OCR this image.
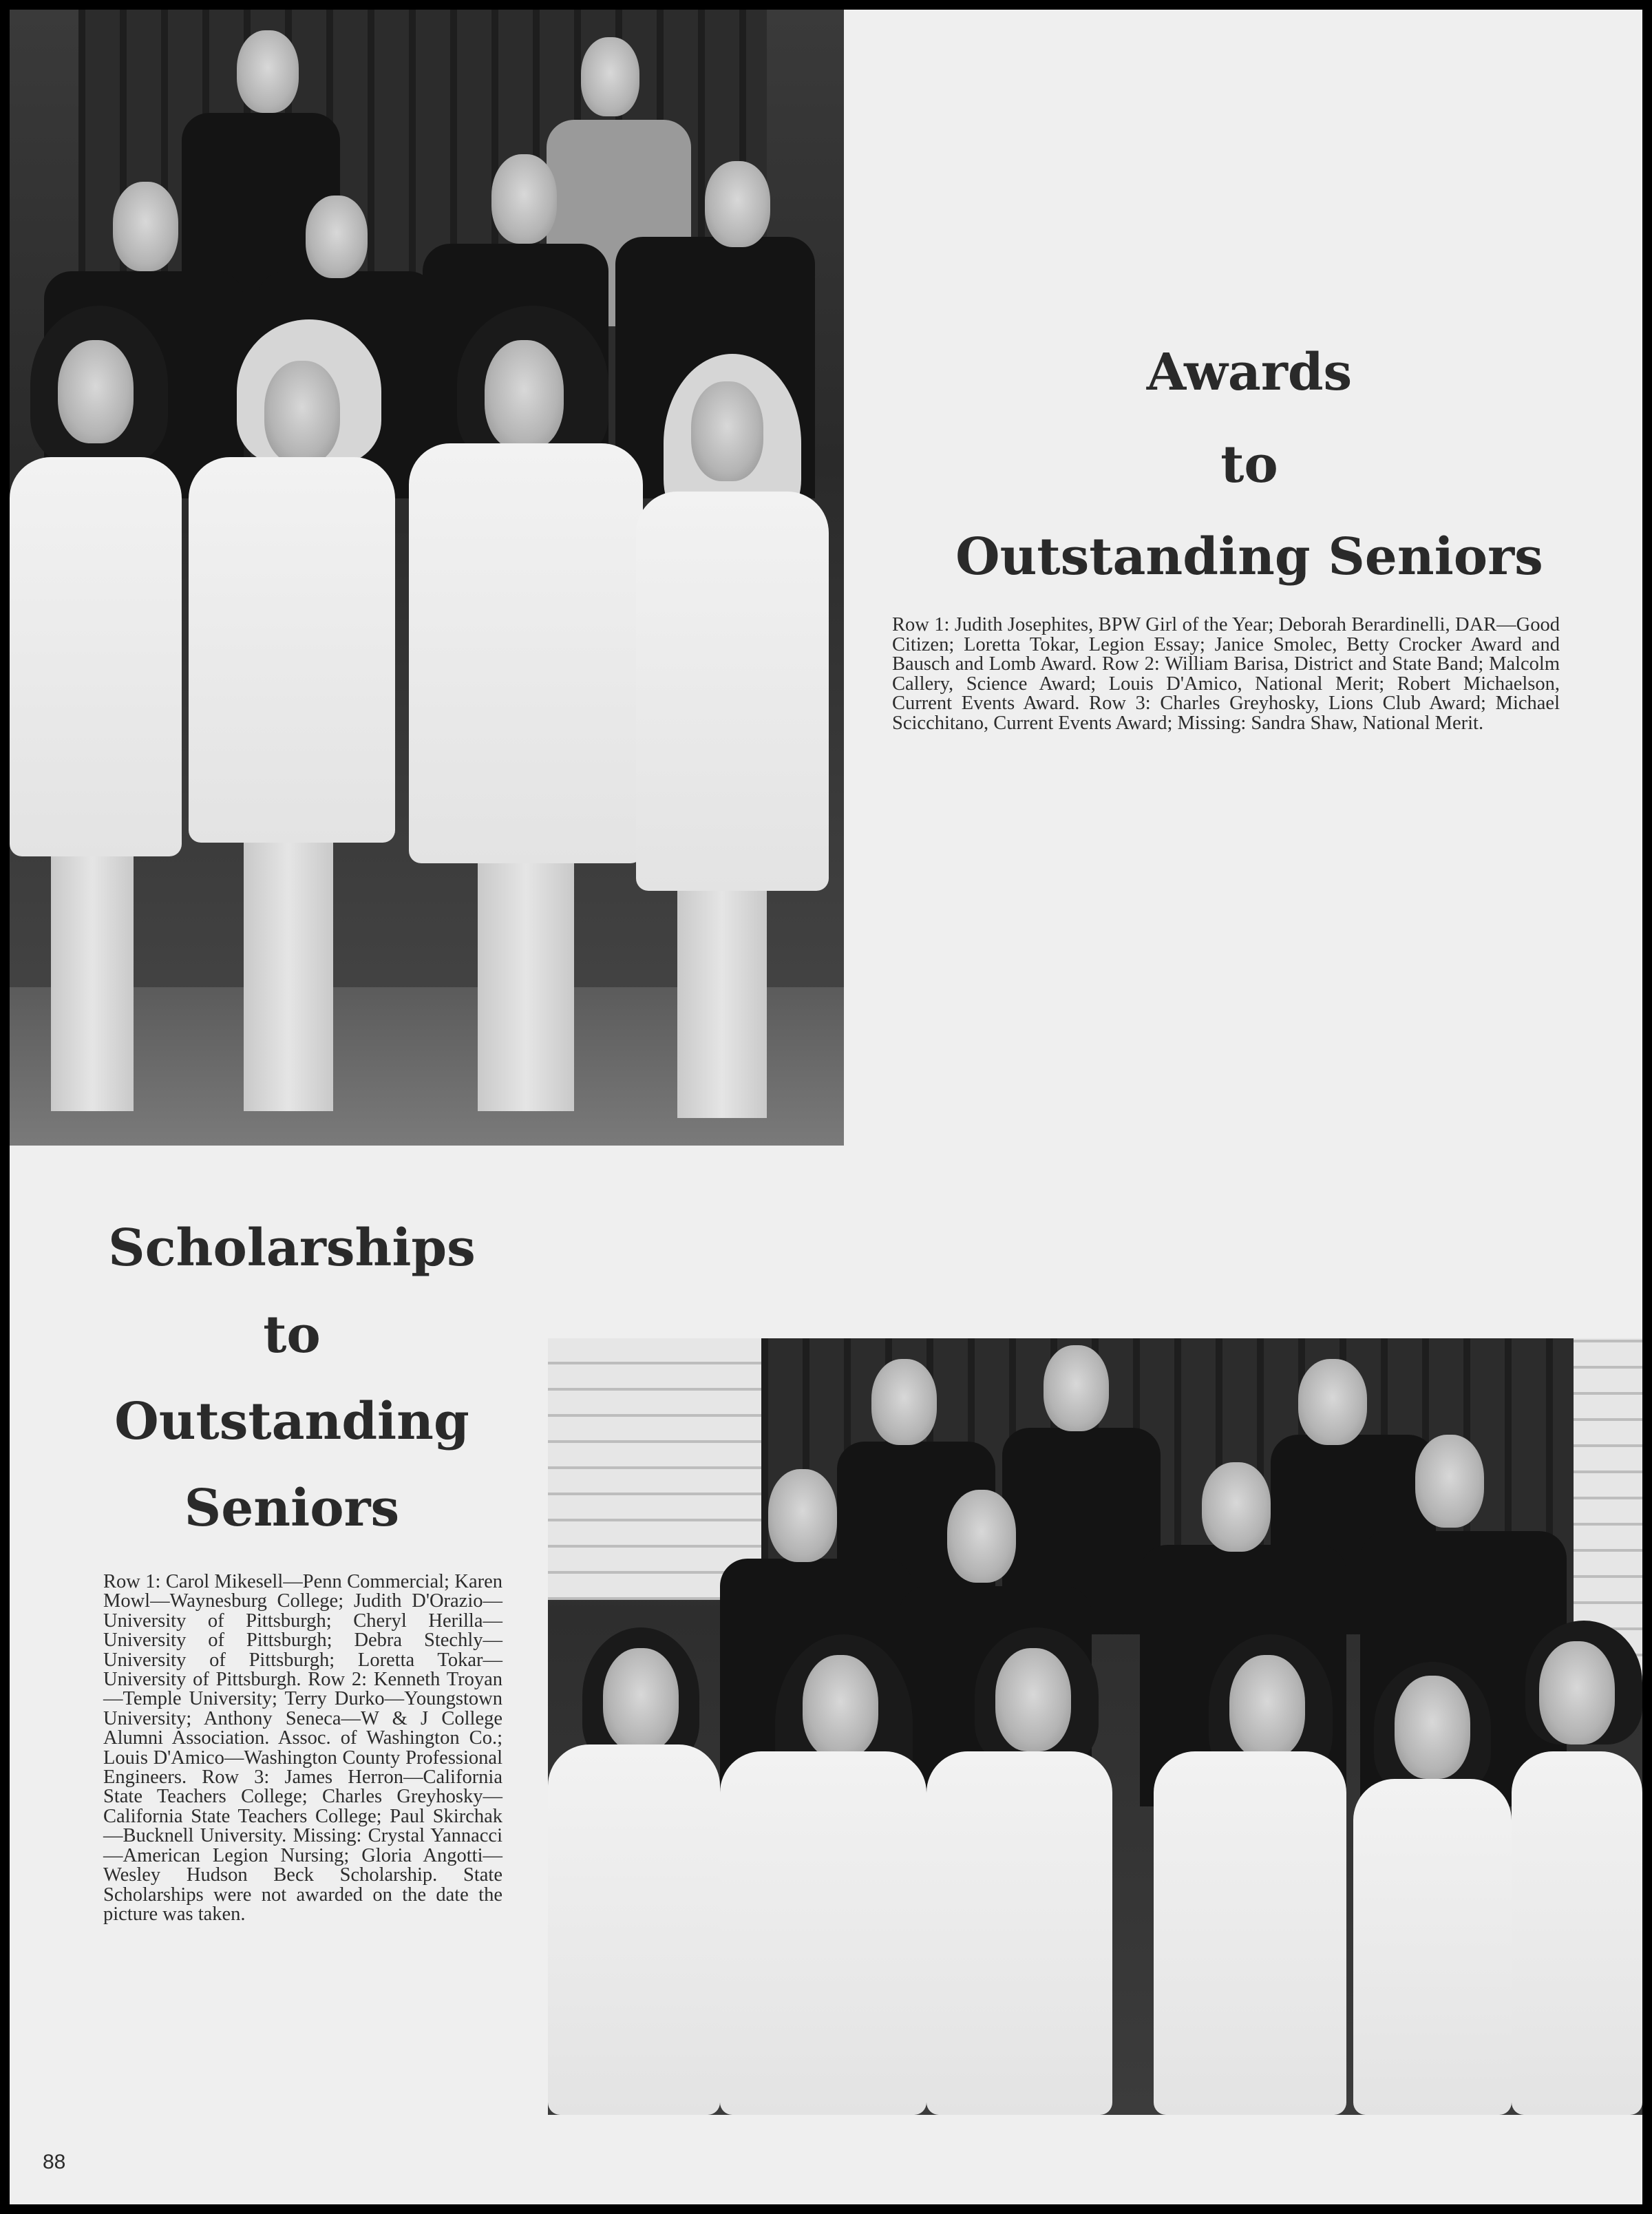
Awards
to
Outstanding Seniors

Row 1: Judith Josephites, BPW Girl of the Year; Deborah Berardinelli, DAR—Good Citizen; Loretta Tokar, Legion Essay; Janice Smolec, Betty Crocker Award and Bausch and Lomb Award. Row 2: William Barisa, District and State Band; Malcolm Callery, Science Award; Louis D'Amico, National Merit; Robert Michaelson, Current Events Award. Row 3: Charles Greyhosky, Lions Club Award; Michael Scicchitano, Current Events Award; Missing: Sandra Shaw, National Merit.

Scholarships
to
Outstanding
Seniors

Row 1: Carol Mikesell—Penn Commercial; Karen Mowl—Waynesburg College; Judith D'Orazio—University of Pittsburgh; Cheryl Herilla—University of Pittsburgh; Debra Stechly—University of Pittsburgh; Loretta Tokar—University of Pittsburgh. Row 2: Kenneth Troyan—Temple University; Terry Durko—Youngstown University; Anthony Seneca—W & J College Alumni Association. Assoc. of Washington Co.; Louis D'Amico—Washington County Professional Engineers. Row 3: James Herron—California State Teachers College; Charles Greyhosky—California State Teachers College; Paul Skirchak—Bucknell University. Missing: Crystal Yannacci—American Legion Nursing; Gloria Angotti—Wesley Hudson Beck Scholarship. State Scholarships were not awarded on the date the picture was taken.

88
